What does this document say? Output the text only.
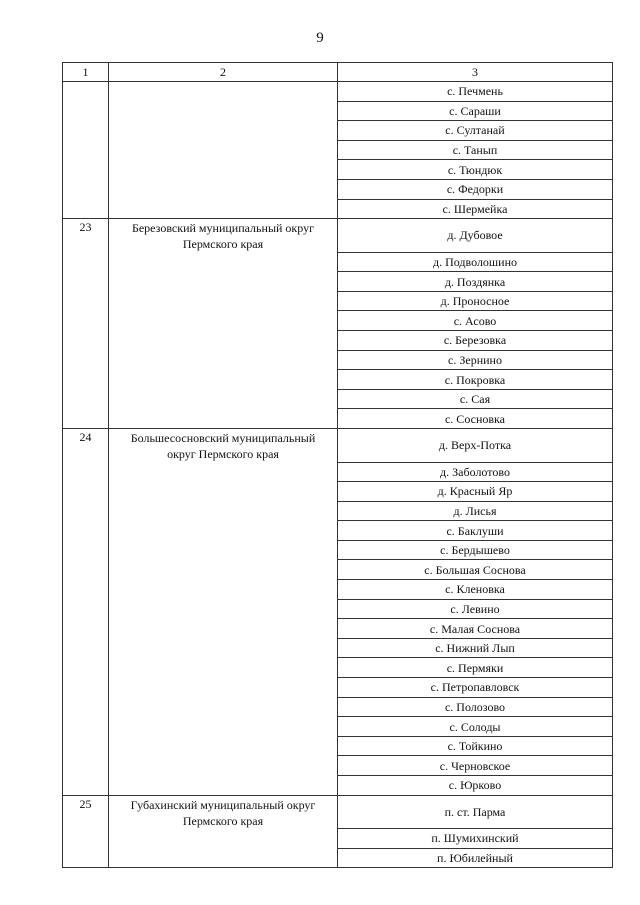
9
1	2	3
		с. Печмень
		с. Сараши
		с. Султанай
		с. Танып
		с. Тюндюк
		с. Федорки
		с. Шермейка
23	Березовский муниципальный округ Пермского края	д. Дубовое
		д. Подволошино
		д. Поздянка
		д. Проносное
		с. Асово
		с. Березовка
		с. Зернино
		с. Покровка
		с. Сая
		с. Сосновка
24	Большесосновский муниципальный округ Пермского края	д. Верх-Потка
		д. Заболотово
		д. Красный Яр
		д. Лисья
		с. Баклуши
		с. Бердышево
		с. Большая Соснова
		с. Кленовка
		с. Левино
		с. Малая Соснова
		с. Нижний Лып
		с. Пермяки
		с. Петропавловск
		с. Полозово
		с. Солоды
		с. Тойкино
		с. Черновское
		с. Юрково
25	Губахинский муниципальный округ Пермского края	п. ст. Парма
		п. Шумихинский
		п. Юбилейный
